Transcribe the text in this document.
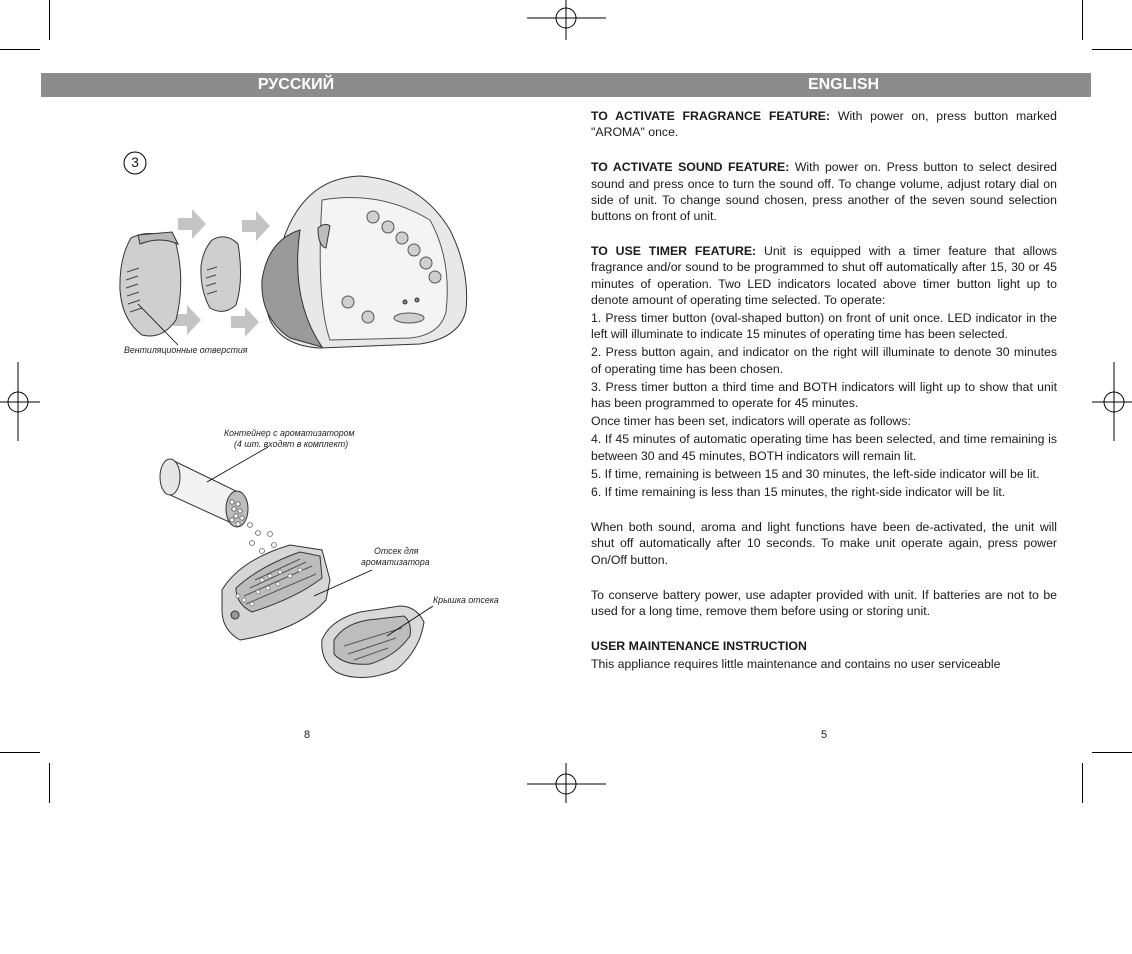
РУССКИЙ	ENGLISH
3
Вентиляционные отверстия
Контейнер с ароматизатором
(4 шт. входят в комплект)
Отсек для
ароматизатора
Крышка отсека

TO ACTIVATE FRAGRANCE FEATURE: With power on, press button marked "AROMA" once.

TO ACTIVATE SOUND FEATURE: With power on. Press button to select desired sound and press once to turn the sound off. To change volume, adjust rotary dial on side of unit. To change sound chosen, press another of the seven sound selection buttons on front of unit.

TO USE TIMER FEATURE: Unit is equipped with a timer feature that allows fragrance and/or sound to be programmed to shut off automatically after 15, 30 or 45 minutes of operation. Two LED indicators located above timer button light up to denote amount of operating time selected. To operate:

1. Press timer button (oval-shaped button) on front of unit once. LED indicator in the left will illuminate to indicate 15 minutes of operating time has been selected.

2. Press button again, and indicator on the right will illuminate to denote 30 minutes of operating time has been chosen.

3. Press timer button a third time and BOTH indicators will light up to show that unit has been programmed to operate for 45 minutes.

Once timer has been set, indicators will operate as follows:

4. If 45 minutes of automatic operating time has been selected, and time remaining is between 30 and 45 minutes, BOTH indicators will remain lit.

5. If time, remaining is between 15 and 30 minutes, the left-side indicator will be lit.

6. If time remaining is less than 15 minutes, the right-side indicator will be lit.

When both sound, aroma and light functions have been de-activated, the unit will shut off automatically after 10 seconds. To make unit operate again, press power On/Off button.

To conserve battery power, use adapter provided with unit. If batteries are not to be used for a long time, remove them before using or storing unit.

USER MAINTENANCE INSTRUCTION

This appliance requires little maintenance and contains no user serviceable

8	5
